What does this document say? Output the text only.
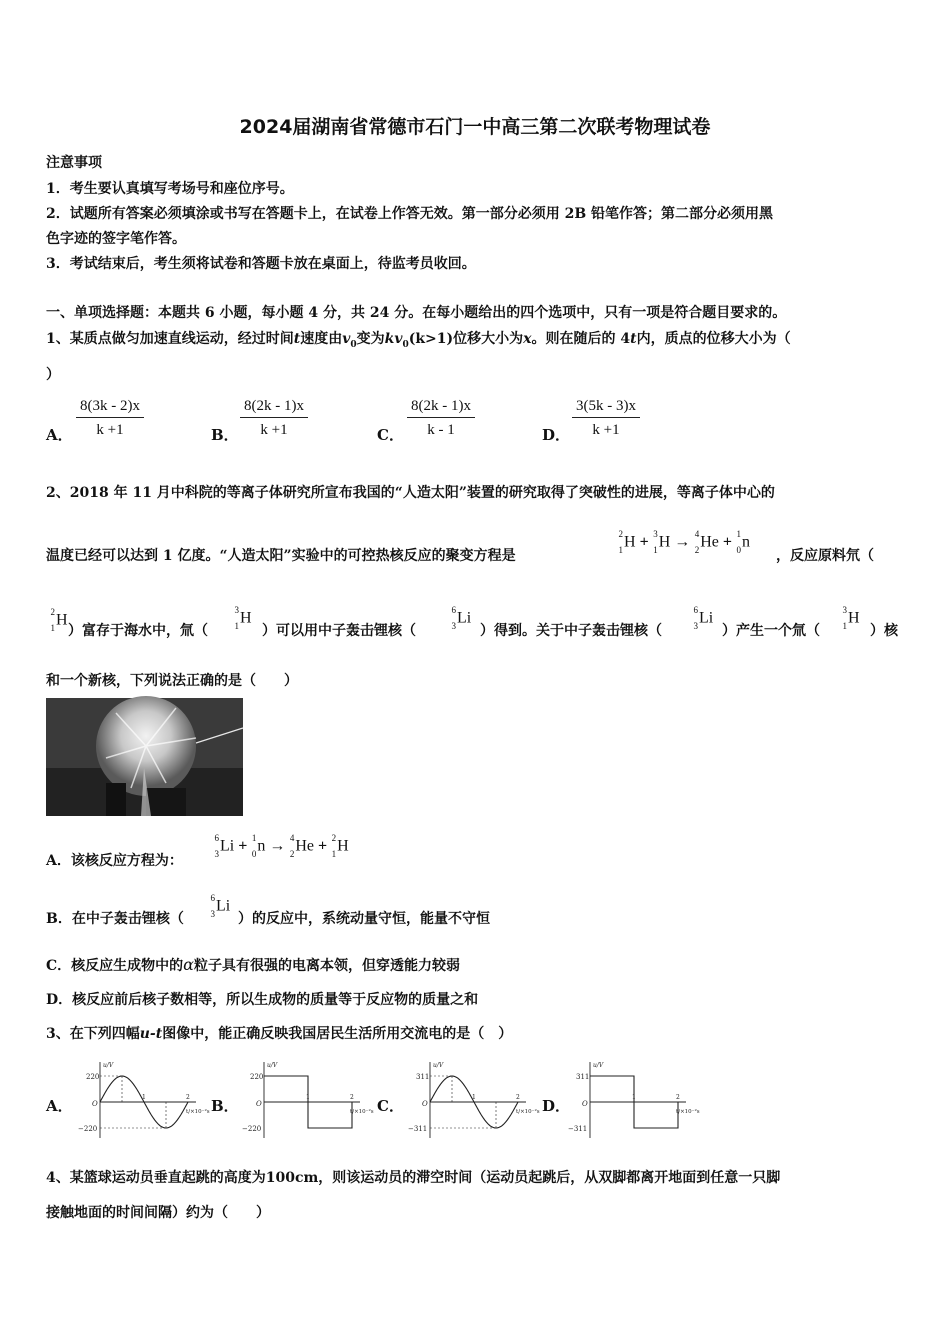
2024届湖南省常德市石门一中高三第二次联考物理试卷
注意事项
1．考生要认真填写考场号和座位序号。
2．试题所有答案必须填涂或书写在答题卡上，在试卷上作答无效。第一部分必须用 2B 铅笔作答；第二部分必须用黑
色字迹的签字笔作答。
3．考试结束后，考生须将试卷和答题卡放在桌面上，待监考员收回。
一、单项选择题：本题共 6 小题，每小题 4 分，共 24 分。在每小题给出的四个选项中，只有一项是符合题目要求的。
1、某质点做匀加速直线运动，经过时间t速度由$v_0$变为$kv_0(k>1)$位移大小为x。则在随后的 4t内，质点的位移大小为（
）
A． $\frac{8(3k - 2)x}{k +1}$	B． $\frac{8(2k - 1)x}{k +1}$	C． $\frac{8(2k - 1)x}{k - 1}$	D． $\frac{3(5k - 3)x}{k +1}$
2、2018 年 11 月中科院的等离子体研究所宣布我国的“人造太阳”装置的研究取得了突破性的进展，等离子体中心的
温度已经可以达到 1 亿度。“人造太阳”实验中的可控热核反应的聚变方程是
2
1 H + 3
1 H → 4
2 He + 1
0 n
，反应原料氘（
2
1 H
）富存于海水中，氚（
3
1 H
）可以用中子轰击锂核（
6
3 Li
）得到。关于中子轰击锂核（
6
3 Li
）产生一个氚（
3
1 H
）核
和一个新核，下列说法正确的是（　　）
A．该核反应方程为：
6
3 Li + 1
0 n → 4
2 He + 2
1 H
B．在中子轰击锂核（
6
3 Li
）的反应中，系统动量守恒，能量不守恒
C．核反应生成物中的α粒子具有很强的电离本领，但穿透能力较弱
D．核反应前后核子数相等，所以生成物的质量等于反应物的质量之和
3、在下列四幅u-t图像中，能正确反映我国居民生活所用交流电的是（　）
A．
u/V
t/×10⁻²s
O
220
−220
1	2 B．
u/V
t/×10⁻²s
O
220
−220
1	2 C．
u/V
t/×10⁻²s
O
311
−311
1	2 D．
u/V
t/×10⁻²s
O
311
−311
1	2
4、某篮球运动员垂直起跳的高度为100cm，则该运动员的滞空时间（运动员起跳后，从双脚都离开地面到任意一只脚
接触地面的时间间隔）约为（　　）
